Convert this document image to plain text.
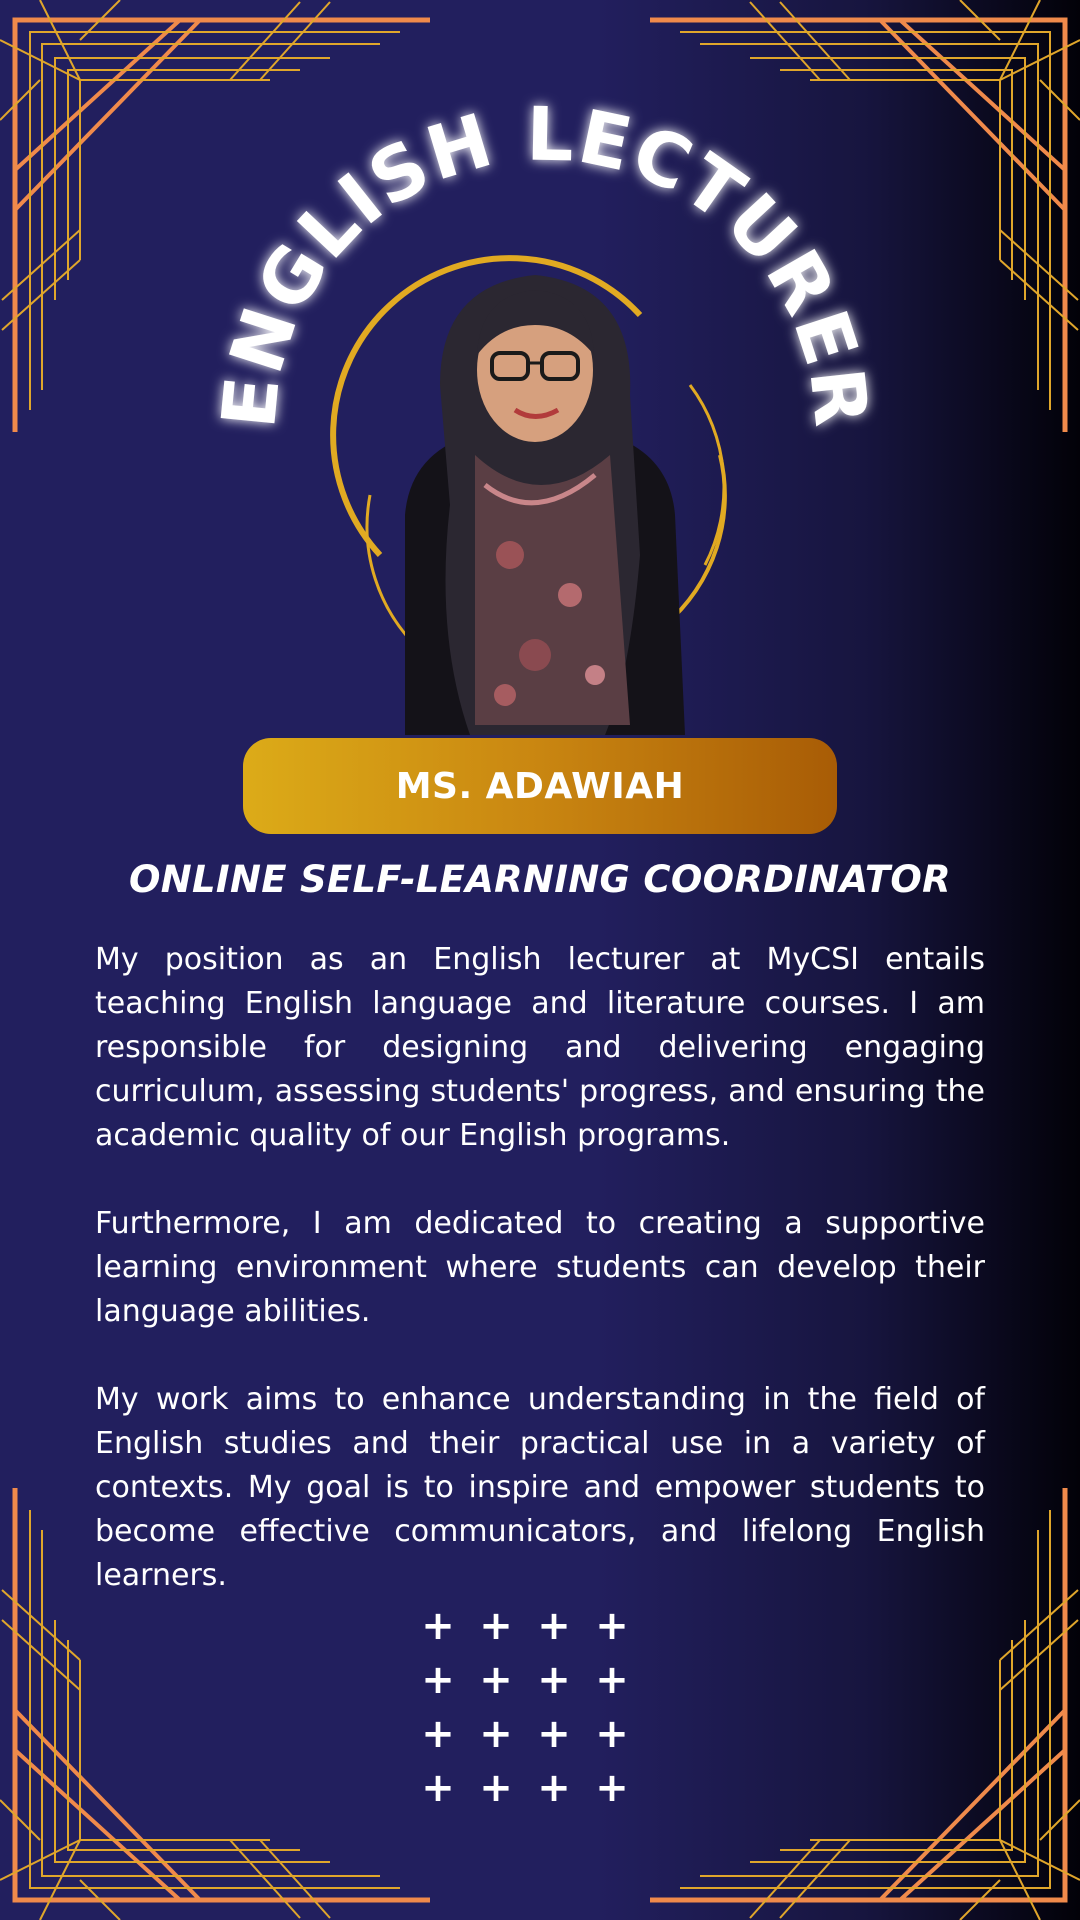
ENGLISH LECTURER
MS. ADAWIAH
ONLINE SELF-LEARNING COORDINATOR

My position as an English lecturer at MyCSI entails teaching English language and literature courses. I am responsible for designing and delivering engaging curriculum, assessing students' progress, and ensuring the academic quality of our English programs.

Furthermore, I am dedicated to creating a supportive learning environment where students can develop their language abilities.

My work aims to enhance understanding in the field of English studies and their practical use in a variety of contexts. My goal is to inspire and empower students to become effective communicators, and lifelong English learners.

+ + + +
+ + + +
+ + + +
+ + + +
